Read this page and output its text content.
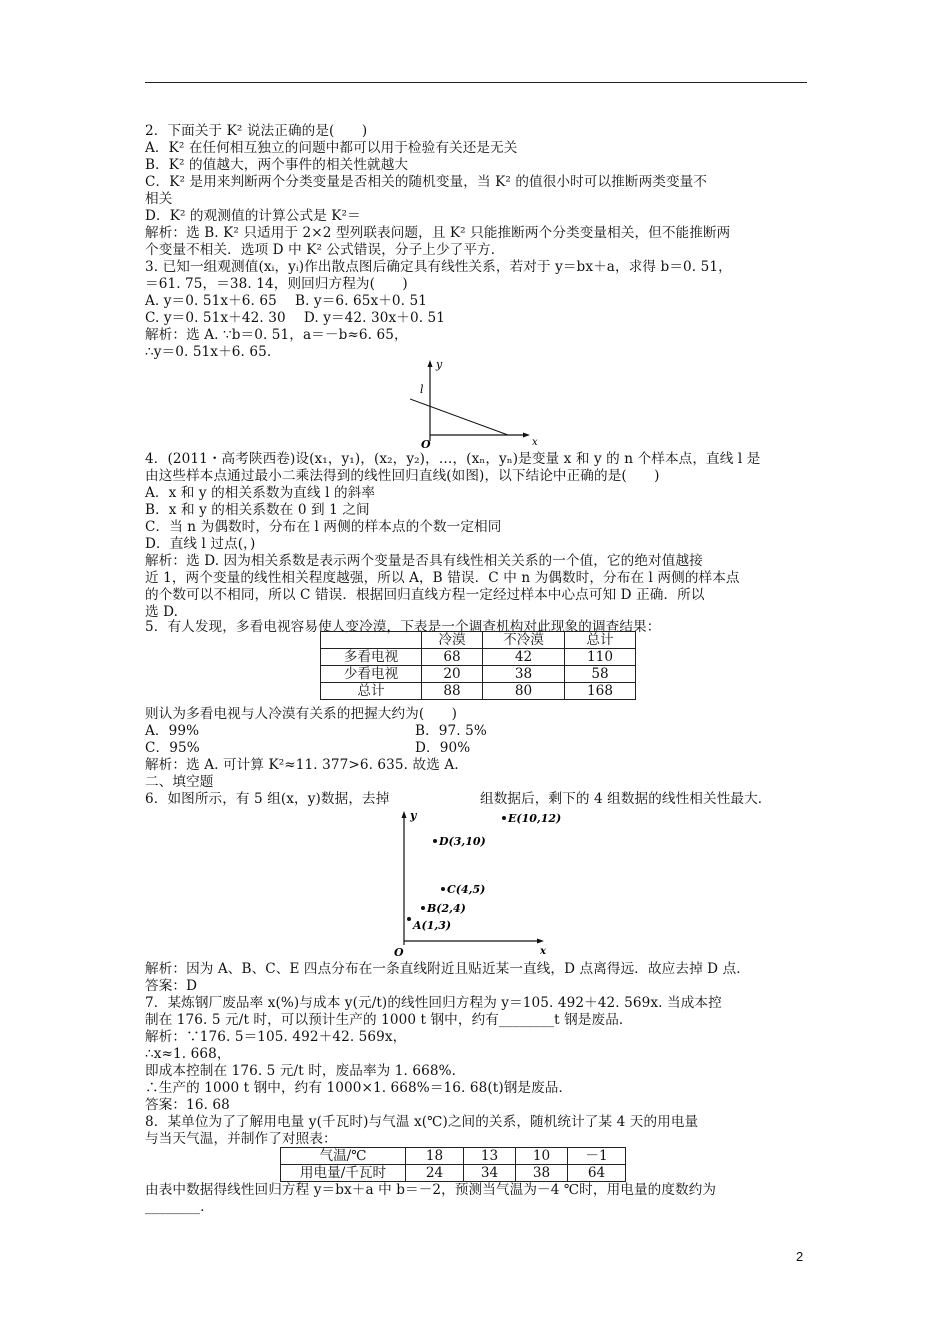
2．下面关于 K² 说法正确的是(　　)
A．K² 在任何相互独立的问题中都可以用于检验有关还是无关
B．K² 的值越大，两个事件的相关性就越大
C．K² 是用来判断两个分类变量是否相关的随机变量，当 K² 的值很小时可以推断两类变量不
相关
D．K² 的观测值的计算公式是 K²＝
解析：选 B. K² 只适用于 2×2 型列联表问题，且 K² 只能推断两个分类变量相关，但不能推断两
个变量不相关．选项 D 中 K² 公式错误，分子上少了平方．
3. 已知一组观测值(xᵢ，yᵢ)作出散点图后确定具有线性关系，若对于 y＝bx＋a，求得 b＝0. 51，
＝61. 75，＝38. 14，则回归方程为(　　)
A. y＝0. 51x＋6. 65　 B. y＝6. 65x＋0. 51
C. y＝0. 51x＋42. 30　 D. y＝42. 30x＋0. 51
解析：选 A. ∵b＝0. 51，a＝－b≈6. 65，
∴y＝0. 51x＋6. 65.
y
l
O	x
4．(2011・高考陕西卷)设(x₁，y₁)，(x₂，y₂)，…，(xₙ，yₙ)是变量 x 和 y 的 n 个样本点，直线 l 是
由这些样本点通过最小二乘法得到的线性回归直线(如图)，以下结论中正确的是(　　)
A．x 和 y 的相关系数为直线 l 的斜率
B．x 和 y 的相关系数在 0 到 1 之间
C．当 n 为偶数时，分布在 l 两侧的样本点的个数一定相同
D．直线 l 过点(，)
解析：选 D. 因为相关系数是表示两个变量是否具有线性相关关系的一个值，它的绝对值越接
近 1，两个变量的线性相关程度越强，所以 A，B 错误．C 中 n 为偶数时，分布在 l 两侧的样本点
的个数可以不相同，所以 C 错误．根据回归直线方程一定经过样本中心点可知 D 正确．所以
选 D.
5．有人发现，多看电视容易使人变冷漠，下表是一个调查机构对此现象的调查结果：
	冷漠	不冷漠	总计
多看电视	68	42	110
少看电视	20	38	58
总计	88	80	168
则认为多看电视与人冷漠有关系的把握大约为(　　)
A．99%	B．97. 5%
C．95%	D．90%
解析：选 A. 可计算 K²≈11. 377>6. 635. 故选 A.
二、填空题
6．如图所示，有 5 组(x，y)数据，去掉	组数据后，剩下的 4 组数据的线性相关性最大．
y
O	x
E(10,12)
D(3,10)
C(4,5)
B(2,4)
A(1,3)
解析：因为 A、B、C、E 四点分布在一条直线附近且贴近某一直线，D 点离得远．故应去掉 D 点．
答案：D
7．某炼钢厂废品率 x(%)与成本 y(元/t)的线性回归方程为 y＝105. 492＋42. 569x. 当成本控
制在 176. 5 元/t 时，可以预计生产的 1000 t 钢中，约有________t 钢是废品．
解析：∵176. 5＝105. 492＋42. 569x，
∴x≈1. 668，
即成本控制在 176. 5 元/t 时，废品率为 1. 668%.
∴生产的 1000 t 钢中，约有 1000×1. 668%＝16. 68(t)钢是废品．
答案：16. 68
8．某单位为了了解用电量 y(千瓦时)与气温 x(℃)之间的关系，随机统计了某 4 天的用电量
与当天气温，并制作了对照表：
气温/℃	18	13	10	－1
用电量/千瓦时	24	34	38	64
由表中数据得线性回归方程 y＝bx＋a 中 b＝－2，预测当气温为－4 ℃时，用电量的度数约为
________.
2
